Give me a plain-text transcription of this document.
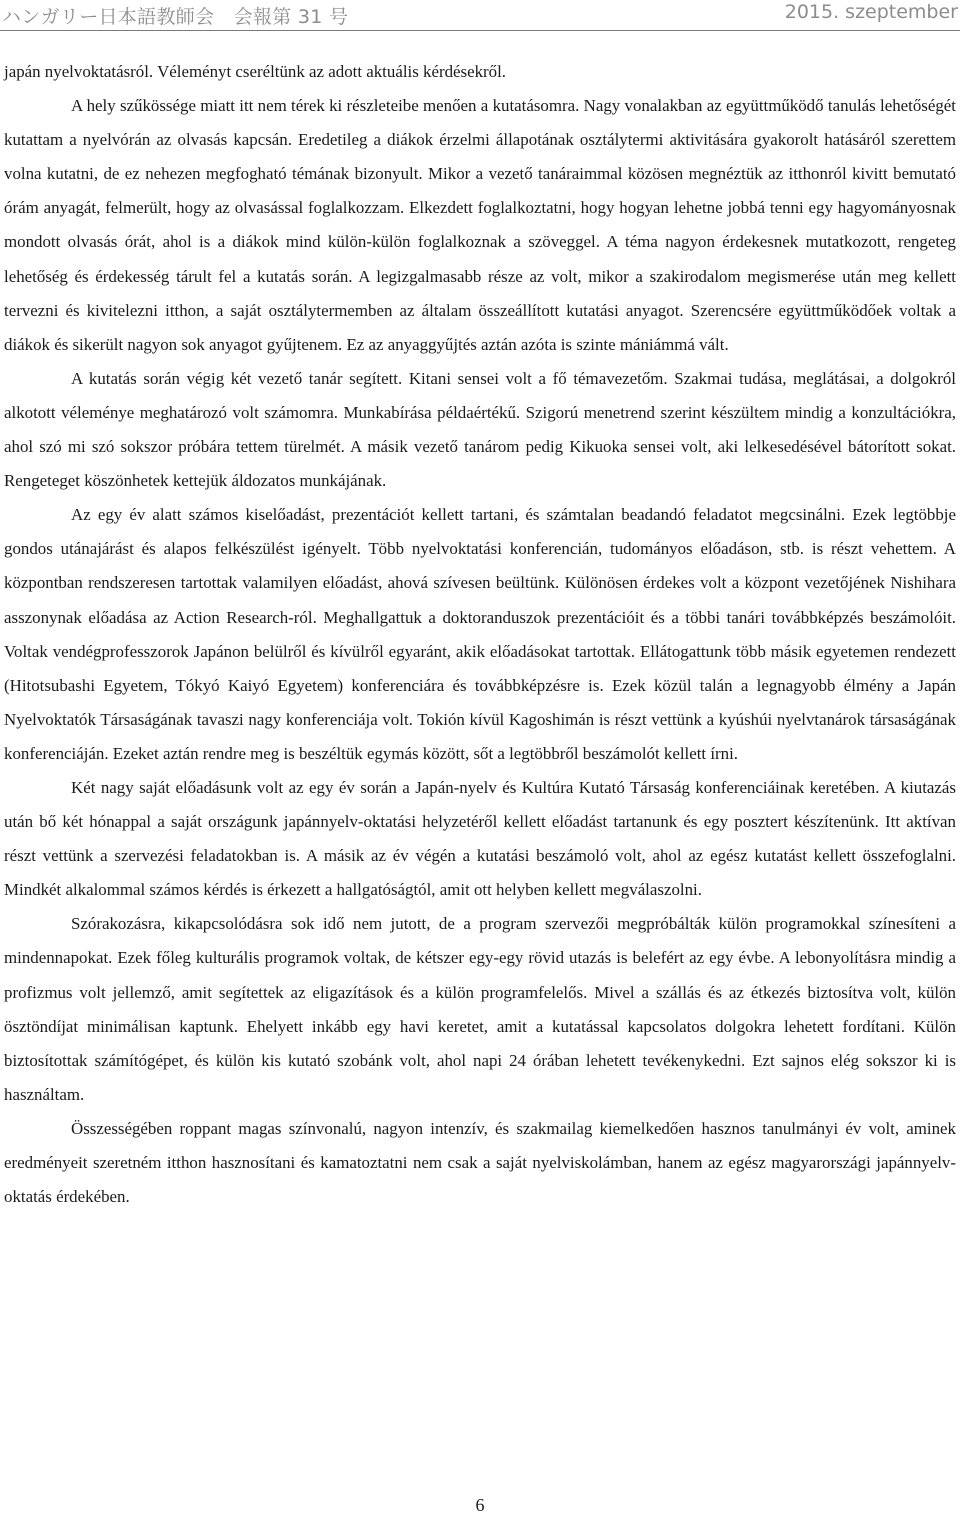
ハンガリー日本語教師会　会報第 31 号	2015. szeptember

japán nyelvoktatásról. Véleményt cseréltünk az adott aktuális kérdésekről.

A hely szűkössége miatt itt nem térek ki részleteibe menően a kutatásomra. Nagy vonalakban az együttműködő tanulás lehetőségét kutattam a nyelvórán az olvasás kapcsán. Eredetileg a diákok érzelmi állapotának osztálytermi aktivitására gyakorolt hatásáról szerettem volna kutatni, de ez nehezen megfogható témának bizonyult. Mikor a vezető tanáraimmal közösen megnéztük az itthonról kivitt bemutató órám anyagát, felmerült, hogy az olvasással foglalkozzam. Elkezdett foglalkoztatni, hogy hogyan lehetne jobbá tenni egy hagyományosnak mondott olvasás órát, ahol is a diákok mind külön-külön foglalkoznak a szöveggel. A téma nagyon érdekesnek mutatkozott, rengeteg lehetőség és érdekesség tárult fel a kutatás során. A legizgalmasabb része az volt, mikor a szakirodalom megismerése után meg kellett tervezni és kivitelezni itthon, a saját osztálytermemben az általam összeállított kutatási anyagot. Szerencsére együttműködőek voltak a diákok és sikerült nagyon sok anyagot gyűjtenem. Ez az anyaggyűjtés aztán azóta is szinte mániámmá vált.

A kutatás során végig két vezető tanár segített. Kitani sensei volt a fő témavezetőm. Szakmai tudása, meglátásai, a dolgokról alkotott véleménye meghatározó volt számomra. Munkabírása példaértékű. Szigorú menetrend szerint készültem mindig a konzultációkra, ahol szó mi szó sokszor próbára tettem türelmét. A másik vezető tanárom pedig Kikuoka sensei volt, aki lelkesedésével bátorított sokat. Rengeteget köszönhetek kettejük áldozatos munkájának.

Az egy év alatt számos kiselőadást, prezentációt kellett tartani, és számtalan beadandó feladatot megcsinálni. Ezek legtöbbje gondos utánajárást és alapos felkészülést igényelt. Több nyelvoktatási konferencián, tudományos előadáson, stb. is részt vehettem. A központban rendszeresen tartottak valamilyen előadást, ahová szívesen beültünk. Különösen érdekes volt a központ vezetőjének Nishihara asszonynak előadása az Action Research-ról. Meghallgattuk a doktoranduszok prezentációit és a többi tanári továbbképzés beszámolóit. Voltak vendégprofesszorok Japánon belülről és kívülről egyaránt, akik előadásokat tartottak. Ellátogattunk több másik egyetemen rendezett (Hitotsubashi Egyetem, Tókyó Kaiyó Egyetem) konferenciára és továbbképzésre is. Ezek közül talán a legnagyobb élmény a Japán Nyelvoktatók Társaságának tavaszi nagy konferenciája volt. Tokión kívül Kagoshimán is részt vettünk a kyúshúi nyelvtanárok társaságának konferenciáján. Ezeket aztán rendre meg is beszéltük egymás között, sőt a legtöbbről beszámolót kellett írni.

Két nagy saját előadásunk volt az egy év során a Japán-nyelv és Kultúra Kutató Társaság konferenciáinak keretében. A kiutazás után bő két hónappal a saját országunk japánnyelv-oktatási helyzetéről kellett előadást tartanunk és egy posztert készítenünk. Itt aktívan részt vettünk a szervezési feladatokban is. A másik az év végén a kutatási beszámoló volt, ahol az egész kutatást kellett összefoglalni. Mindkét alkalommal számos kérdés is érkezett a hallgatóságtól, amit ott helyben kellett megválaszolni.

Szórakozásra, kikapcsolódásra sok idő nem jutott, de a program szervezői megpróbálták külön programokkal színesíteni a mindennapokat. Ezek főleg kulturális programok voltak, de kétszer egy-egy rövid utazás is belefért az egy évbe. A lebonyolításra mindig a profizmus volt jellemző, amit segítettek az eligazítások és a külön programfelelős. Mivel a szállás és az étkezés biztosítva volt, külön ösztöndíjat minimálisan kaptunk. Ehelyett inkább egy havi keretet, amit a kutatással kapcsolatos dolgokra lehetett fordítani. Külön biztosítottak számítógépet, és külön kis kutató szobánk volt, ahol napi 24 órában lehetett tevékenykedni. Ezt sajnos elég sokszor ki is használtam.

Összességében roppant magas színvonalú, nagyon intenzív, és szakmailag kiemelkedően hasznos tanulmányi év volt, aminek eredményeit szeretném itthon hasznosítani és kamatoztatni nem csak a saját nyelviskolámban, hanem az egész magyarországi japánnyelv-oktatás érdekében.

6
